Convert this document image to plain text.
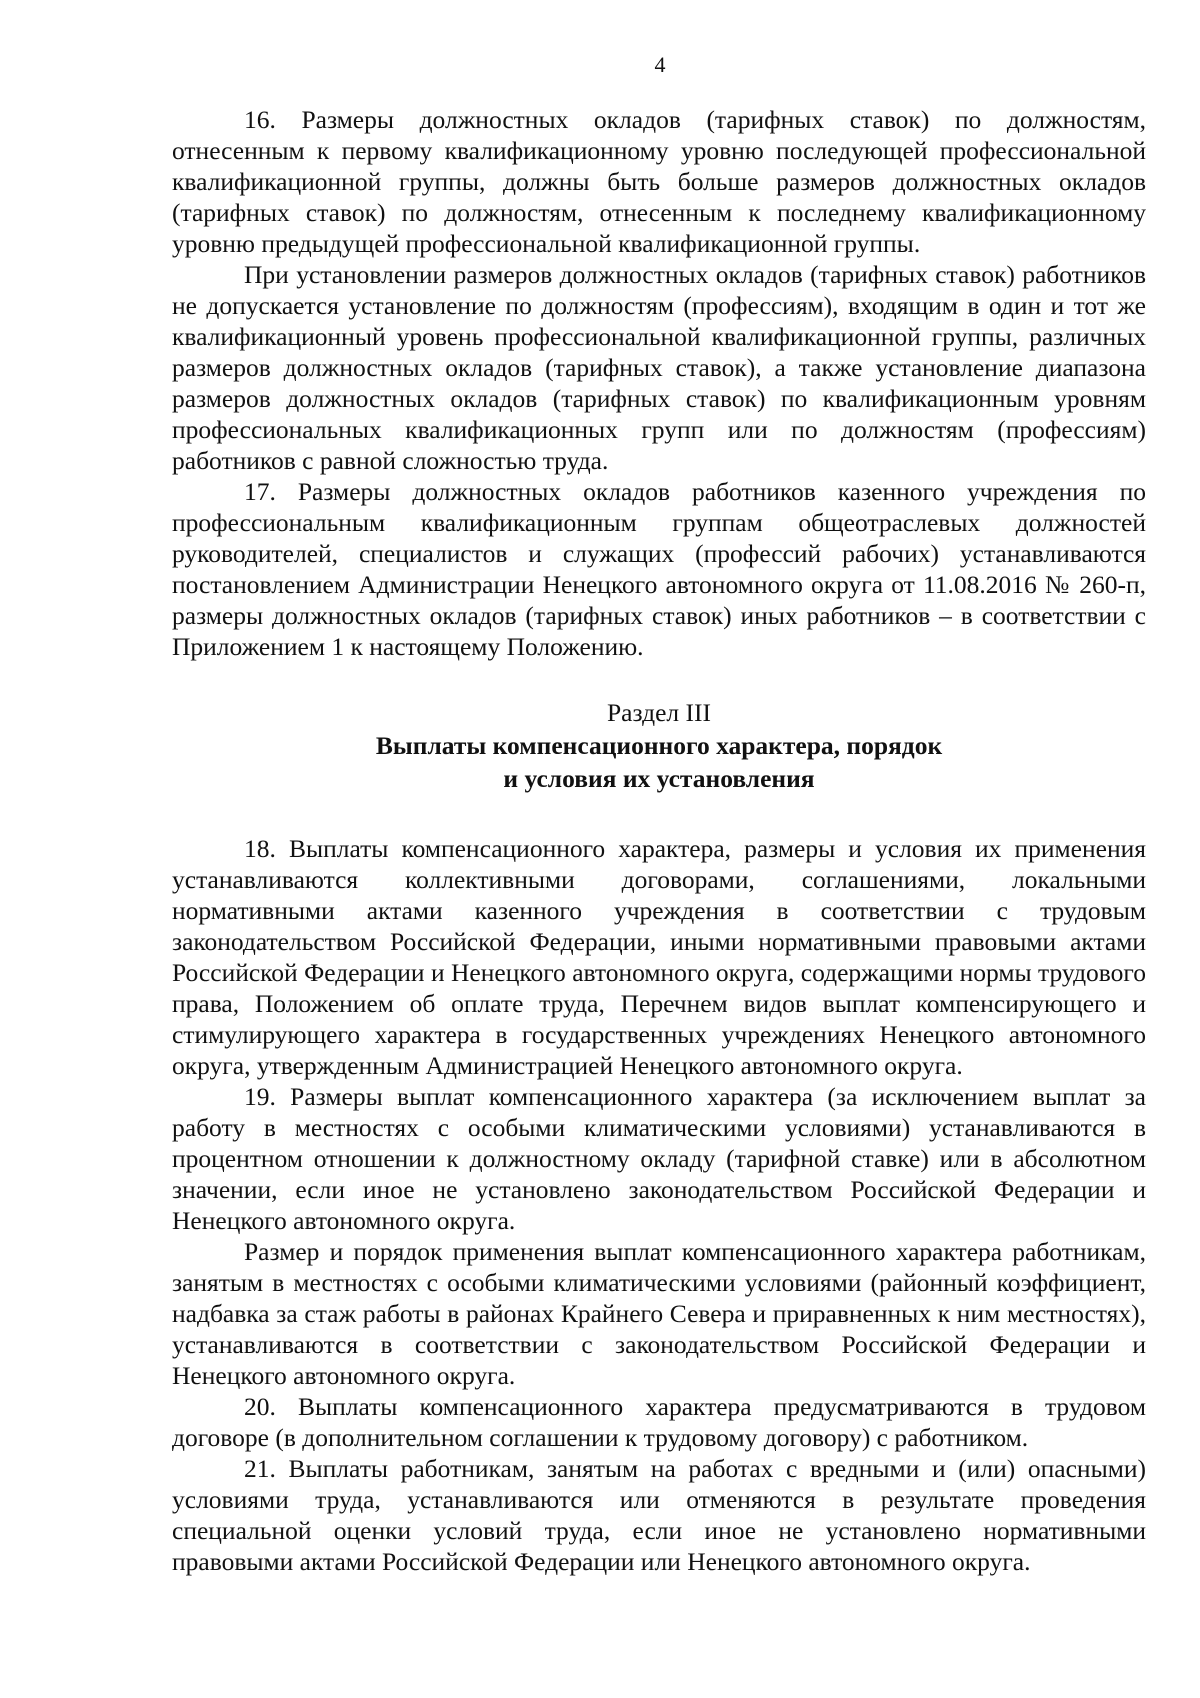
4

16. Размеры должностных окладов (тарифных ставок) по должностям, отнесенным к первому квалификационному уровню последующей профессиональной квалификационной группы, должны быть больше размеров должностных окладов (тарифных ставок) по должностям, отнесенным к последнему квалификационному уровню предыдущей профессиональной квалификационной группы.

При установлении размеров должностных окладов (тарифных ставок) работников не допускается установление по должностям (профессиям), входящим в один и тот же квалификационный уровень профессиональной квалификационной группы, различных размеров должностных окладов (тарифных ставок), а также установление диапазона размеров должностных окладов (тарифных ставок) по квалификационным уровням профессиональных квалификационных групп или по должностям (профессиям) работников с равной сложностью труда.

17. Размеры должностных окладов работников казенного учреждения по профессиональным квалификационным группам общеотраслевых должностей руководителей, специалистов и служащих (профессий рабочих) устанавливаются постановлением Администрации Ненецкого автономного округа от 11.08.2016 № 260-п, размеры должностных окладов (тарифных ставок) иных работников – в соответствии с Приложением 1 к настоящему Положению.

Раздел III
Выплаты компенсационного характера, порядок
и условия их установления

18. Выплаты компенсационного характера, размеры и условия их применения устанавливаются коллективными договорами, соглашениями, локальными нормативными актами казенного учреждения в соответствии с трудовым законодательством Российской Федерации, иными нормативными правовыми актами Российской Федерации и Ненецкого автономного округа, содержащими нормы трудового права, Положением об оплате труда, Перечнем видов выплат компенсирующего и стимулирующего характера в государственных учреждениях Ненецкого автономного округа, утвержденным Администрацией Ненецкого автономного округа.

19. Размеры выплат компенсационного характера (за исключением выплат за работу в местностях с особыми климатическими условиями) устанавливаются в процентном отношении к должностному окладу (тарифной ставке) или в абсолютном значении, если иное не установлено законодательством Российской Федерации и Ненецкого автономного округа.

Размер и порядок применения выплат компенсационного характера работникам, занятым в местностях с особыми климатическими условиями (районный коэффициент, надбавка за стаж работы в районах Крайнего Севера и приравненных к ним местностях), устанавливаются в соответствии с законодательством Российской Федерации и Ненецкого автономного округа.

20. Выплаты компенсационного характера предусматриваются в трудовом договоре (в дополнительном соглашении к трудовому договору) с работником.

21. Выплаты работникам, занятым на работах с вредными и (или) опасными) условиями труда, устанавливаются или отменяются в результате проведения специальной оценки условий труда, если иное не установлено нормативными правовыми актами Российской Федерации или Ненецкого автономного округа.
